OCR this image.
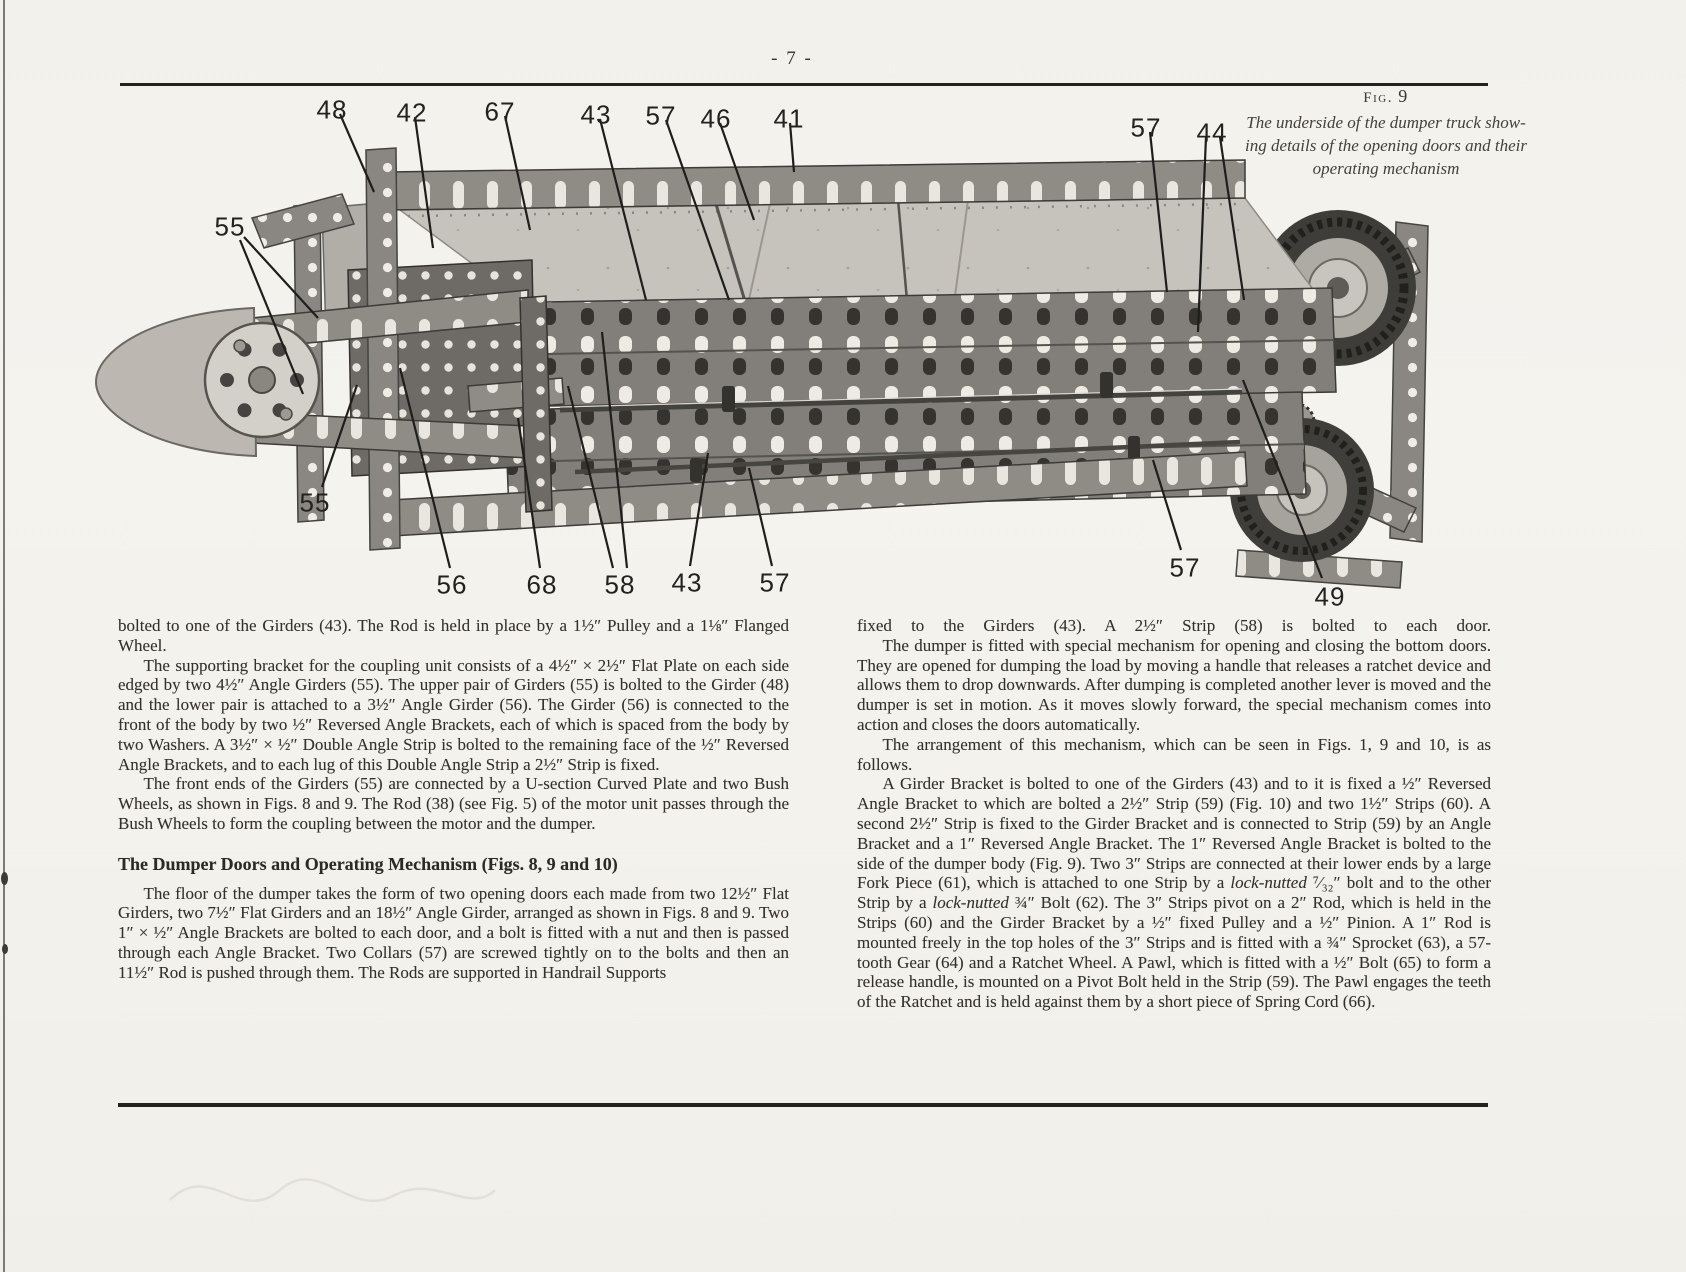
- 7 -
48 42 67	43 57 46 41	57 44
55
55
56 68 58 43 57	57
49
Fig. 9
The underside of the dumper truck show-
ing details of the opening doors and their
operating mechanism

bolted to one of the Girders (43). The Rod is held in place by a 1½″ Pulley and a 1⅛″ Flanged Wheel.

The supporting bracket for the coupling unit consists of a 4½″ × 2½″ Flat Plate on each side edged by two 4½″ Angle Girders (55). The upper pair of Girders (55) is bolted to the Girder (48) and the lower pair is attached to a 3½″ Angle Girder (56). The Girder (56) is connected to the front of the body by two ½″ Reversed Angle Brackets, each of which is spaced from the body by two Washers. A 3½″ × ½″ Double Angle Strip is bolted to the remaining face of the ½″ Reversed Angle Brackets, and to each lug of this Double Angle Strip a 2½″ Strip is fixed.

The front ends of the Girders (55) are connected by a U-section Curved Plate and two Bush Wheels, as shown in Figs. 8 and 9. The Rod (38) (see Fig. 5) of the motor unit passes through the Bush Wheels to form the coupling between the motor and the dumper.

The Dumper Doors and Operating Mechanism (Figs. 8, 9 and 10)

The floor of the dumper takes the form of two opening doors each made from two 12½″ Flat Girders, two 7½″ Flat Girders and an 18½″ Angle Girder, arranged as shown in Figs. 8 and 9. Two 1″ × ½″ Angle Brackets are bolted to each door, and a bolt is fitted with a nut and then is passed through each Angle Bracket. Two Collars (57) are screwed tightly on to the bolts and then an 11½″ Rod is pushed through them. The Rods are supported in Handrail Supports

fixed to the Girders (43). A 2½″ Strip (58) is bolted to each door.

The dumper is fitted with special mechanism for opening and closing the bottom doors. They are opened for dumping the load by moving a handle that releases a ratchet device and allows them to drop downwards. After dumping is completed another lever is moved and the dumper is set in motion. As it moves slowly forward, the special mechanism comes into action and closes the doors automatically.

The arrangement of this mechanism, which can be seen in Figs. 1, 9 and 10, is as follows.

A Girder Bracket is bolted to one of the Girders (43) and to it is fixed a ½″ Reversed Angle Bracket to which are bolted a 2½″ Strip (59) (Fig. 10) and two 1½″ Strips (60). A second 2½″ Strip is fixed to the Girder Bracket and is connected to Strip (59) by an Angle Bracket and a 1″ Reversed Angle Bracket. The 1″ Reversed Angle Bracket is bolted to the side of the dumper body (Fig. 9). Two 3″ Strips are connected at their lower ends by a large Fork Piece (61), which is attached to one Strip by a lock-nutted ⁷⁄₃₂″ bolt and to the other Strip by a lock-nutted ¾″ Bolt (62). The 3″ Strips pivot on a 2″ Rod, which is held in the Strips (60) and the Girder Bracket by a ½″ fixed Pulley and a ½″ Pinion. A 1″ Rod is mounted freely in the top holes of the 3″ Strips and is fitted with a ¾″ Sprocket (63), a 57-tooth Gear (64) and a Ratchet Wheel. A Pawl, which is fitted with a ½″ Bolt (65) to form a release handle, is mounted on a Pivot Bolt held in the Strip (59). The Pawl engages the teeth of the Ratchet and is held against them by a short piece of Spring Cord (66).
